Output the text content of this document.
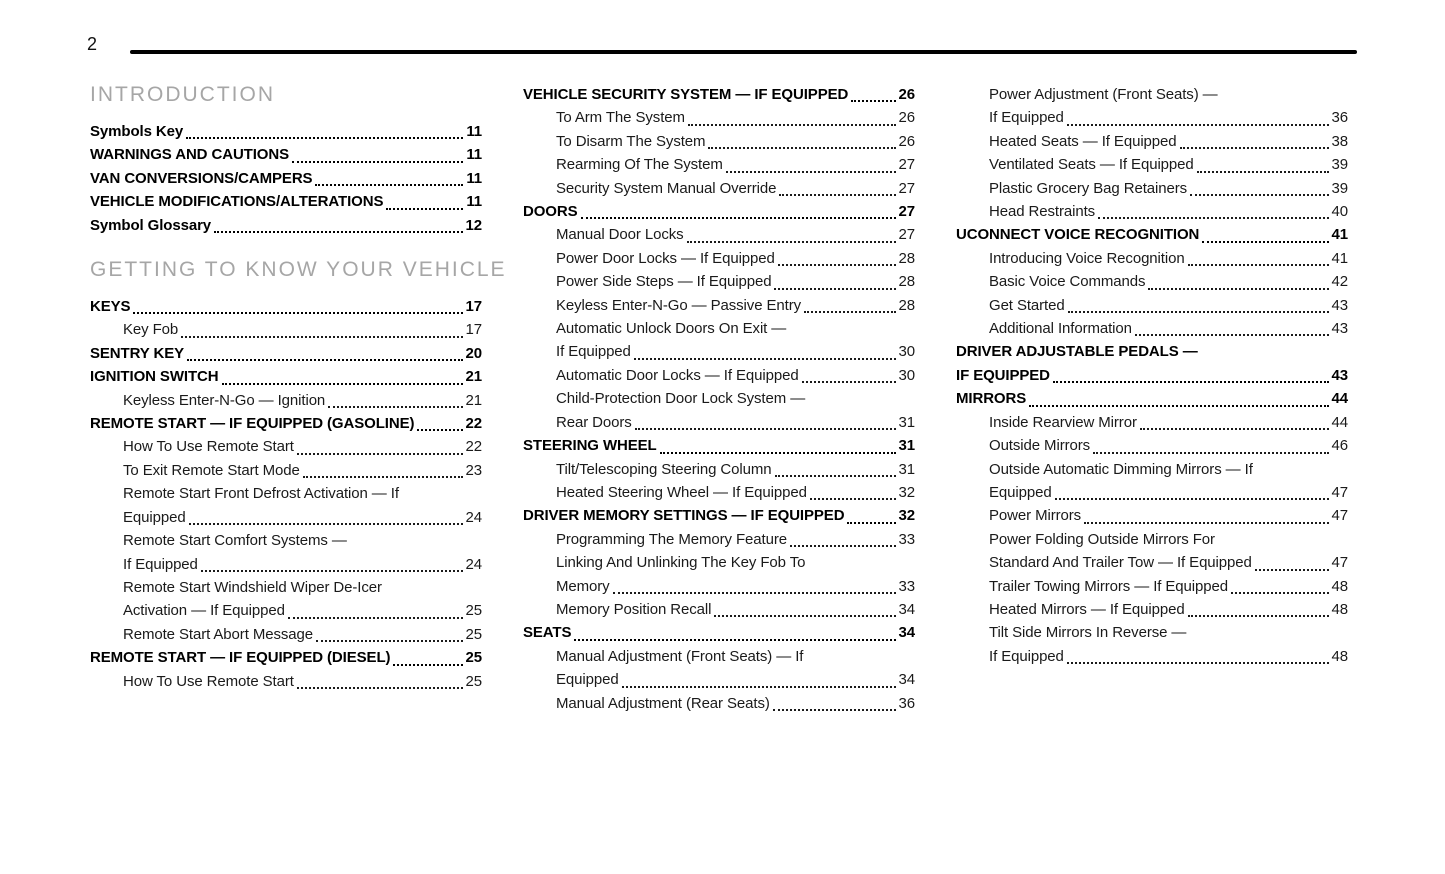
2
INTRODUCTION
Symbols Key	11
WARNINGS AND CAUTIONS	11
VAN CONVERSIONS/CAMPERS	11
VEHICLE MODIFICATIONS/ALTERATIONS	11
Symbol Glossary	12
GETTING TO KNOW YOUR VEHICLE
KEYS	17
Key Fob	17
SENTRY KEY	20
IGNITION SWITCH	21
Keyless Enter-N-Go — Ignition	21
REMOTE START — IF EQUIPPED (GASOLINE)	22
How To Use Remote Start	22
To Exit Remote Start Mode	23
Remote Start Front Defrost Activation — If
Equipped	24
Remote Start Comfort Systems —
If Equipped	24
Remote Start Windshield Wiper De-Icer
Activation — If Equipped	25
Remote Start Abort Message	25
REMOTE START — IF EQUIPPED (DIESEL)	25
How To Use Remote Start	25
VEHICLE SECURITY SYSTEM — IF EQUIPPED	26
To Arm The System	26
To Disarm The System	26
Rearming Of The System	27
Security System Manual Override	27
DOORS	27
Manual Door Locks	27
Power Door Locks — If Equipped	28
Power Side Steps — If Equipped	28
Keyless Enter-N-Go — Passive Entry	28
Automatic Unlock Doors On Exit —
If Equipped	30
Automatic Door Locks — If Equipped	30
Child-Protection Door Lock System —
Rear Doors	31
STEERING WHEEL	31
Tilt/Telescoping Steering Column	31
Heated Steering Wheel — If Equipped	32
DRIVER MEMORY SETTINGS — IF EQUIPPED	32
Programming The Memory Feature	33
Linking And Unlinking The Key Fob To
Memory	33
Memory Position Recall	34
SEATS	34
Manual Adjustment (Front Seats) — If
Equipped	34
Manual Adjustment (Rear Seats)	36
Power Adjustment (Front Seats) —
If Equipped	36
Heated Seats — If Equipped	38
Ventilated Seats — If Equipped	39
Plastic Grocery Bag Retainers	39
Head Restraints	40
UCONNECT VOICE RECOGNITION	41
Introducing Voice Recognition	41
Basic Voice Commands	42
Get Started	43
Additional Information	43
DRIVER ADJUSTABLE PEDALS —
IF EQUIPPED	43
MIRRORS	44
Inside Rearview Mirror	44
Outside Mirrors	46
Outside Automatic Dimming Mirrors — If
Equipped	47
Power Mirrors	47
Power Folding Outside Mirrors For
Standard And Trailer Tow — If Equipped	47
Trailer Towing Mirrors — If Equipped	48
Heated Mirrors — If Equipped	48
Tilt Side Mirrors In Reverse —
If Equipped	48
